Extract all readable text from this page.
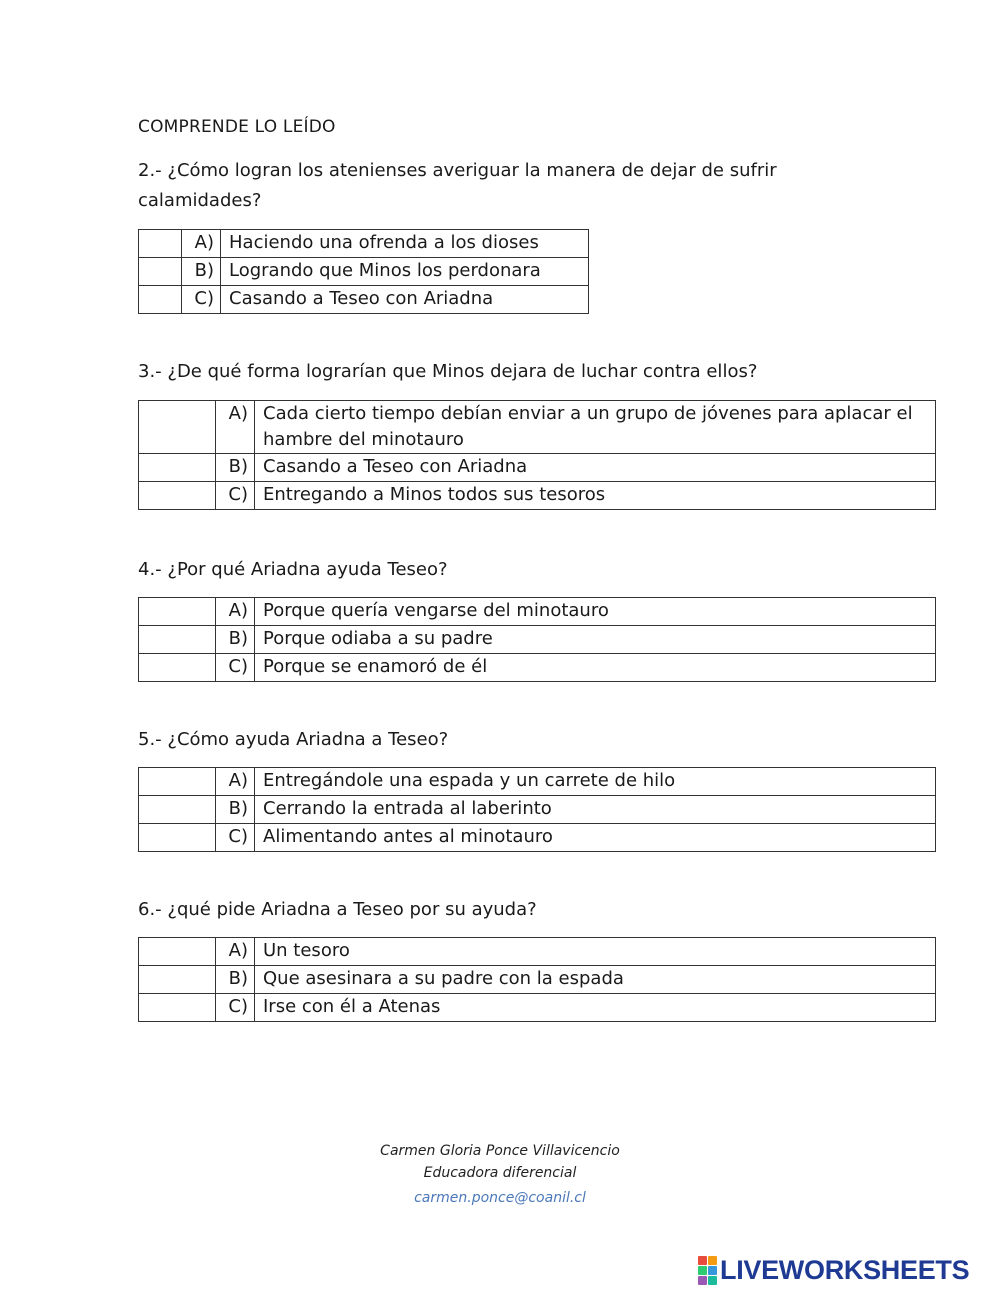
COMPRENDE LO LEÍDO
2.- ¿Cómo logran los atenienses averiguar la manera de dejar de sufrir calamidades?
	A)	Haciendo una ofrenda a los dioses
	B)	Logrando que Minos los perdonara
	C)	Casando a Teseo con Ariadna
3.- ¿De qué forma lograrían que Minos dejara de luchar contra ellos?
	A)	Cada cierto tiempo debían enviar a un grupo de jóvenes para aplacar el hambre del minotauro
	B)	Casando a Teseo con Ariadna
	C)	Entregando a Minos todos sus tesoros
4.- ¿Por qué Ariadna ayuda Teseo?
	A)	Porque quería vengarse del minotauro
	B)	Porque odiaba a su padre
	C)	Porque se enamoró de él
5.- ¿Cómo ayuda Ariadna a Teseo?
	A)	Entregándole una espada y un carrete de hilo
	B)	Cerrando la entrada al laberinto
	C)	Alimentando antes al minotauro
6.- ¿qué pide Ariadna a Teseo por su ayuda?
	A)	Un tesoro
	B)	Que asesinara a su padre con la espada
	C)	Irse con él a Atenas
Carmen Gloria Ponce Villavicencio
Educadora diferencial
carmen.ponce@coanil.cl
LIVEWORKSHEETS
